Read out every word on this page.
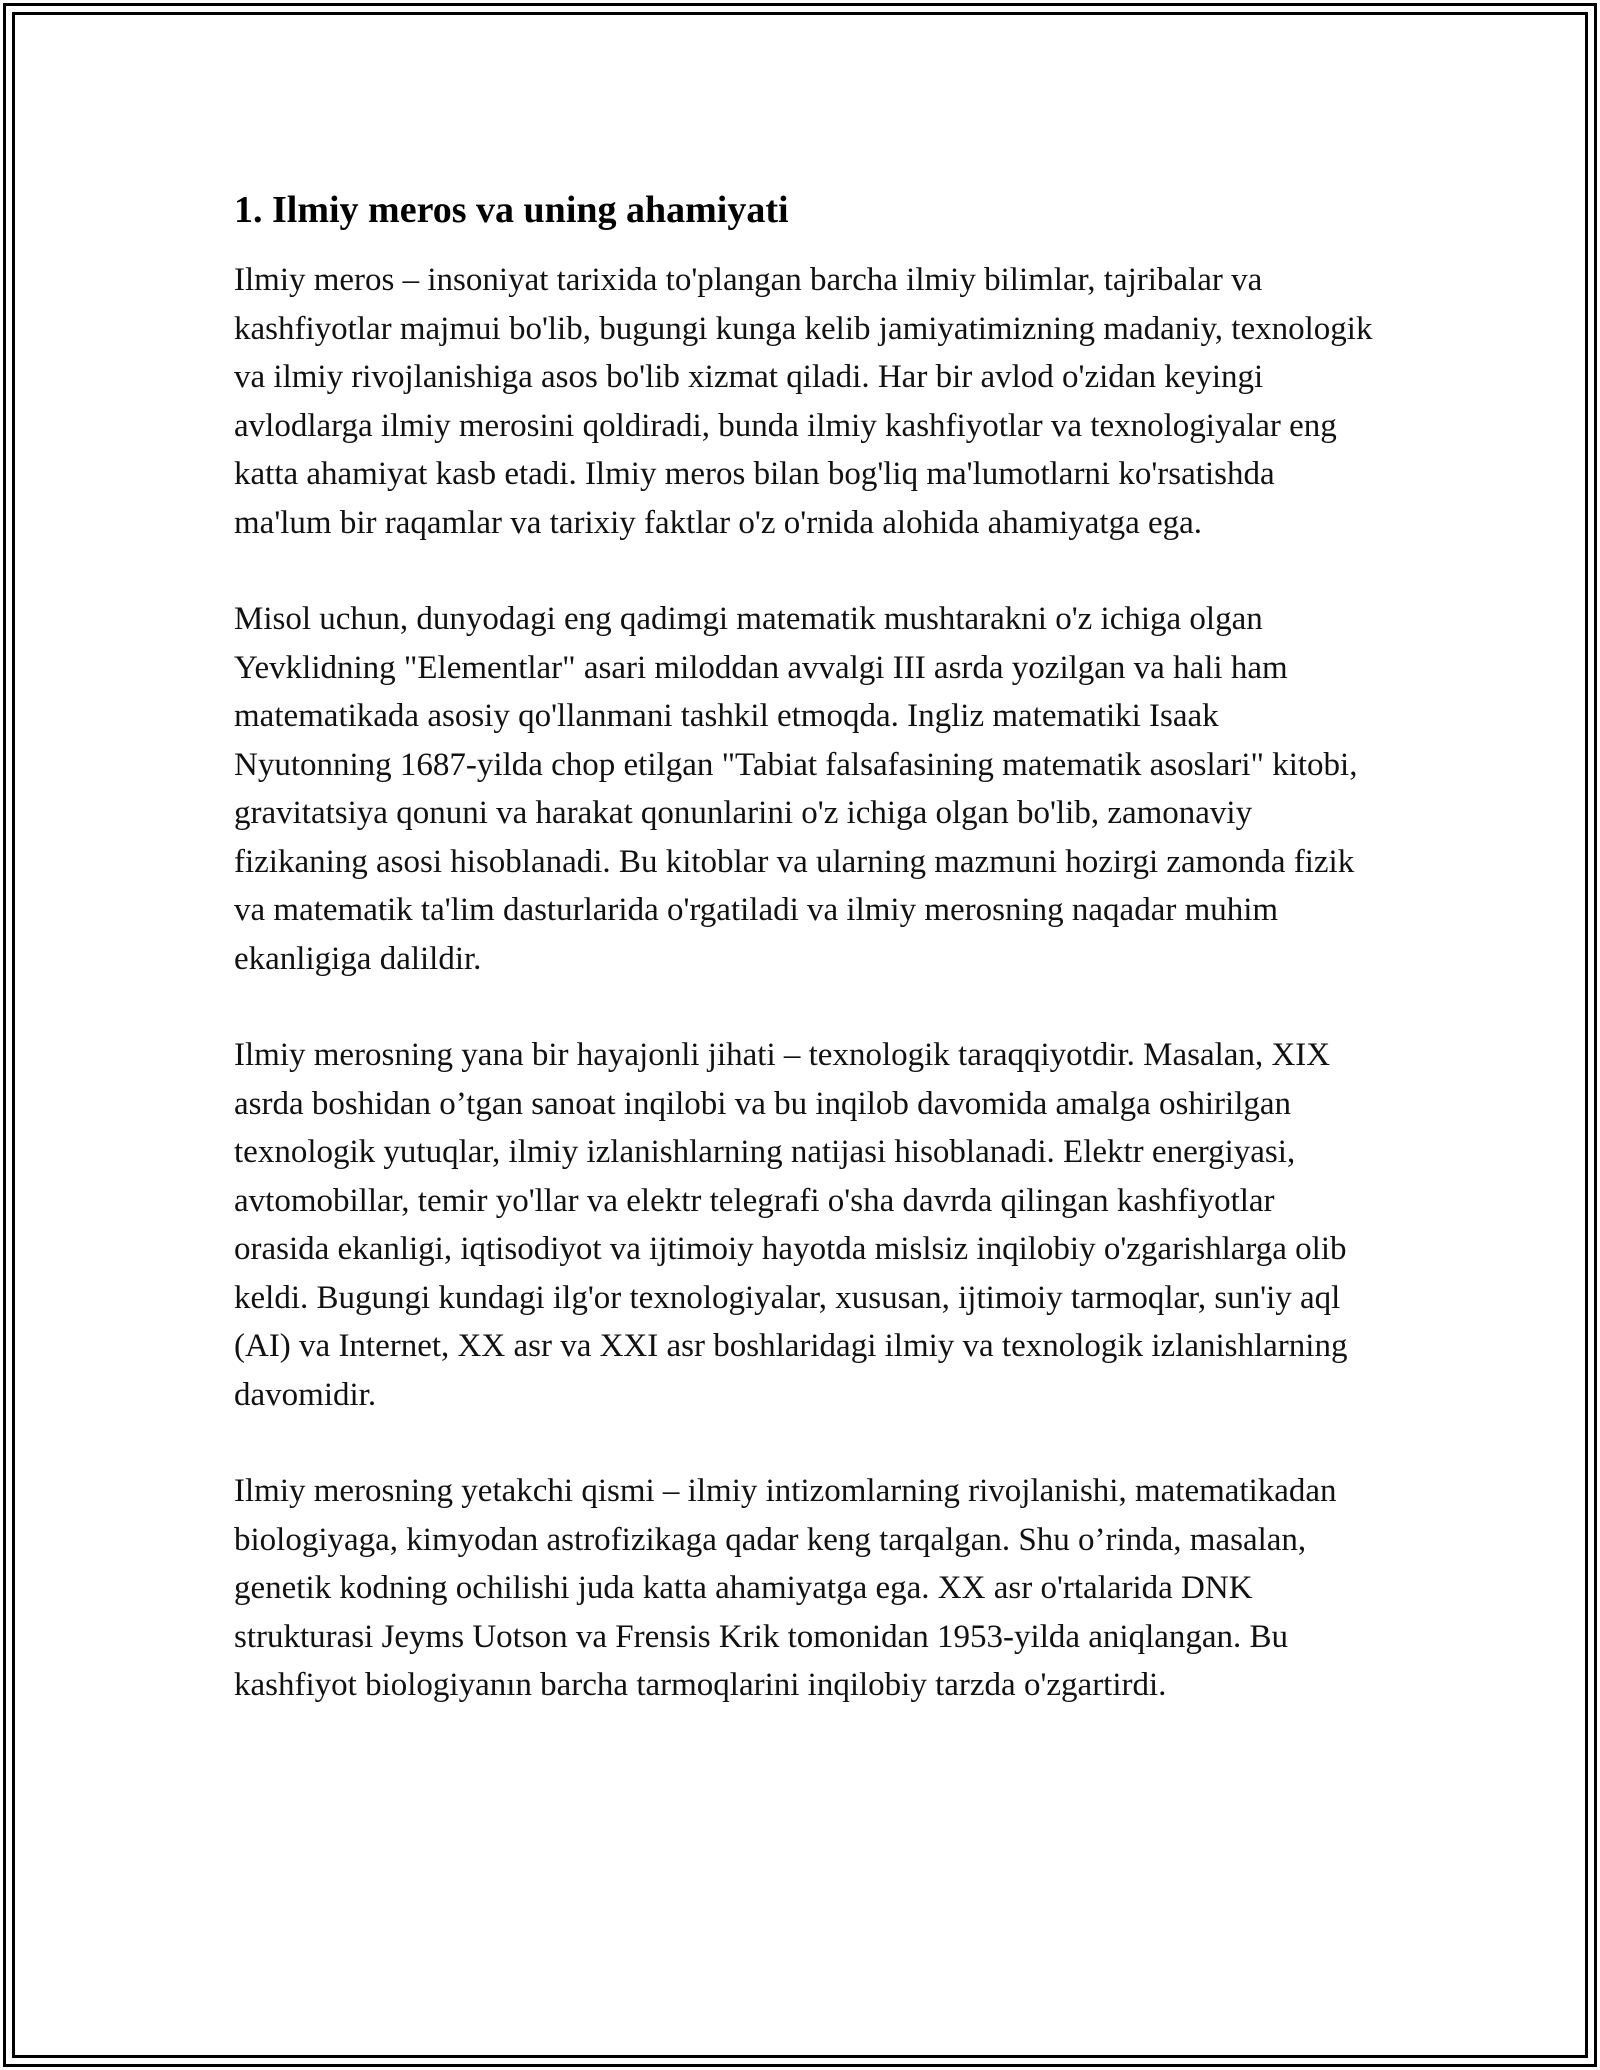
1. Ilmiy meros va uning ahamiyati

Ilmiy meros – insoniyat tarixida to'plangan barcha ilmiy bilimlar, tajribalar va kashfiyotlar majmui bo'lib, bugungi kunga kelib jamiyatimizning madaniy, texnologik va ilmiy rivojlanishiga asos bo'lib xizmat qiladi. Har bir avlod o'zidan keyingi avlodlarga ilmiy merosini qoldiradi, bunda ilmiy kashfiyotlar va texnologiyalar eng katta ahamiyat kasb etadi. Ilmiy meros bilan bog'liq ma'lumotlarni ko'rsatishda ma'lum bir raqamlar va tarixiy faktlar o'z o'rnida alohida ahamiyatga ega.

Misol uchun, dunyodagi eng qadimgi matematik mushtarakni o'z ichiga olgan Yevklidning "Elementlar" asari miloddan avvalgi III asrda yozilgan va hali ham matematikada asosiy qo'llanmani tashkil etmoqda. Ingliz matematiki Isaak Nyutonning 1687-yilda chop etilgan "Tabiat falsafasining matematik asoslari" kitobi, gravitatsiya qonuni va harakat qonunlarini o'z ichiga olgan bo'lib, zamonaviy fizikaning asosi hisoblanadi. Bu kitoblar va ularning mazmuni hozirgi zamonda fizik va matematik ta'lim dasturlarida o'rgatiladi va ilmiy merosning naqadar muhim ekanligiga dalildir.

Ilmiy merosning yana bir hayajonli jihati – texnologik taraqqiyotdir. Masalan, XIX asrda boshidan o’tgan sanoat inqilobi va bu inqilob davomida amalga oshirilgan texnologik yutuqlar, ilmiy izlanishlarning natijasi hisoblanadi. Elektr energiyasi, avtomobillar, temir yo'llar va elektr telegrafi o'sha davrda qilingan kashfiyotlar orasida ekanligi, iqtisodiyot va ijtimoiy hayotda mislsiz inqilobiy o'zgarishlarga olib keldi. Bugungi kundagi ilg'or texnologiyalar, xususan, ijtimoiy tarmoqlar, sun'iy aql (AI) va Internet, XX asr va XXI asr boshlaridagi ilmiy va texnologik izlanishlarning davomidir.

Ilmiy merosning yetakchi qismi – ilmiy intizomlarning rivojlanishi, matematikadan biologiyaga, kimyodan astrofizikaga qadar keng tarqalgan. Shu o’rinda, masalan, genetik kodning ochilishi juda katta ahamiyatga ega. XX asr o'rtalarida DNK strukturasi Jeyms Uotson va Frensis Krik tomonidan 1953-yilda aniqlangan. Bu kashfiyot biologiyanın barcha tarmoqlarini inqilobiy tarzda o'zgartirdi.
